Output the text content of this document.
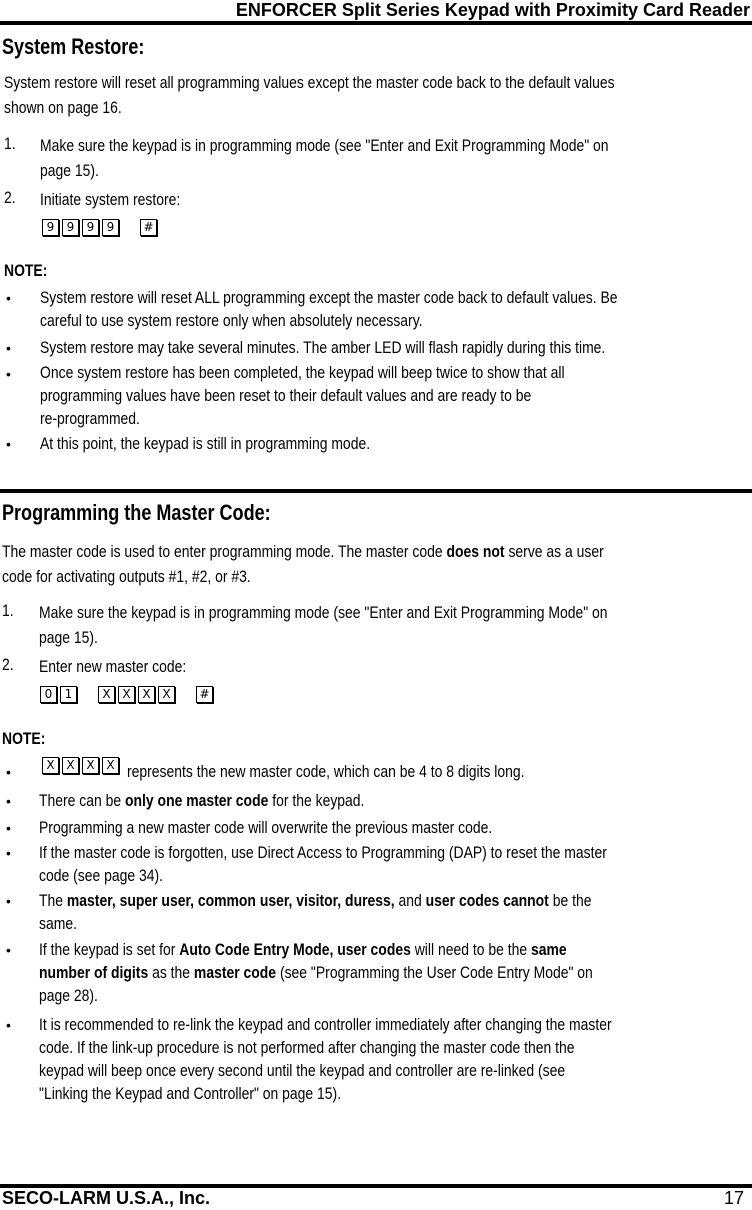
ENFORCER Split Series Keypad with Proximity Card Reader
System Restore:
System restore will reset all programming values except the master code back to the default values
shown on page 16.
1. Make sure the keypad is in programming mode (see "Enter and Exit Programming Mode" on
page 15).
2. Initiate system restore:
9	9	9	9	#
NOTE:
• System restore will reset ALL programming except the master code back to default values. Be
careful to use system restore only when absolutely necessary.
• System restore may take several minutes. The amber LED will flash rapidly during this time.
• Once system restore has been completed, the keypad will beep twice to show that all
programming values have been reset to their default values and are ready to be
re-programmed.
• At this point, the keypad is still in programming mode.
Programming the Master Code:
The master code is used to enter programming mode. The master code does not serve as a user
code for activating outputs #1, #2, or #3.
1. Make sure the keypad is in programming mode (see "Enter and Exit Programming Mode" on
page 15).
2. Enter new master code:
0	1	X X X X	#
NOTE:
•	X X X X represents the new master code, which can be 4 to 8 digits long.
• There can be only one master code for the keypad.
• Programming a new master code will overwrite the previous master code.
• If the master code is forgotten, use Direct Access to Programming (DAP) to reset the master
code (see page 34).
• The master, super user, common user, visitor, duress, and user codes cannot be the
same.
• If the keypad is set for Auto Code Entry Mode, user codes will need to be the same
number of digits as the master code (see "Programming the User Code Entry Mode" on
page 28).
• It is recommended to re-link the keypad and controller immediately after changing the master
code. If the link-up procedure is not performed after changing the master code then the
keypad will beep once every second until the keypad and controller are re-linked (see
"Linking the Keypad and Controller" on page 15).
SECO-LARM U.S.A., Inc.	17
